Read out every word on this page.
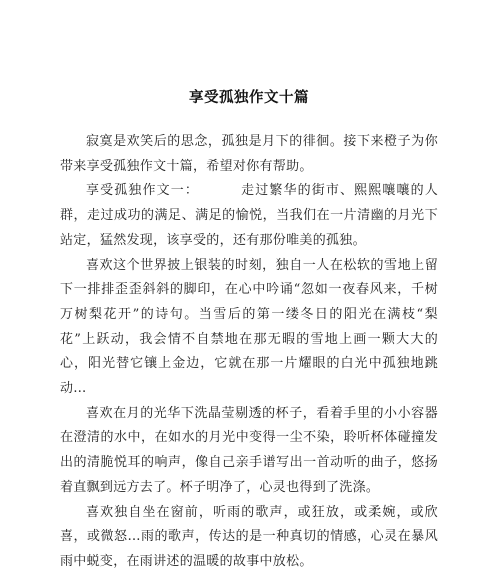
享受孤独作文十篇

寂寞是欢笑后的思念，孤独是月下的徘徊。接下来橙子为你带来享受孤独作文十篇，希望对你有帮助。

享受孤独作文一：        走过繁华的街市、熙熙嚷嚷的人群，走过成功的满足、满足的愉悦，当我们在一片清幽的月光下站定，猛然发现，该享受的，还有那份唯美的孤独。

喜欢这个世界披上银装的时刻，独自一人在松软的雪地上留下一排排歪歪斜斜的脚印，在心中吟诵“忽如一夜春风来，千树万树梨花开”的诗句。当雪后的第一缕冬日的阳光在满枝“梨花”上跃动，我会情不自禁地在那无暇的雪地上画一颗大大的心，阳光替它镶上金边，它就在那一片耀眼的白光中孤独地跳动…

喜欢在月的光华下洗晶莹剔透的杯子，看着手里的小小容器在澄清的水中，在如水的月光中变得一尘不染，聆听杯体碰撞发出的清脆悦耳的响声，像自己亲手谱写出一首动听的曲子，悠扬着直飘到远方去了。杯子明净了，心灵也得到了洗涤。

喜欢独自坐在窗前，听雨的歌声，或狂放，或柔婉，或欣喜，或微怒…雨的歌声，传达的是一种真切的情感，心灵在暴风雨中蜕变，在雨讲述的温暖的故事中放松。
